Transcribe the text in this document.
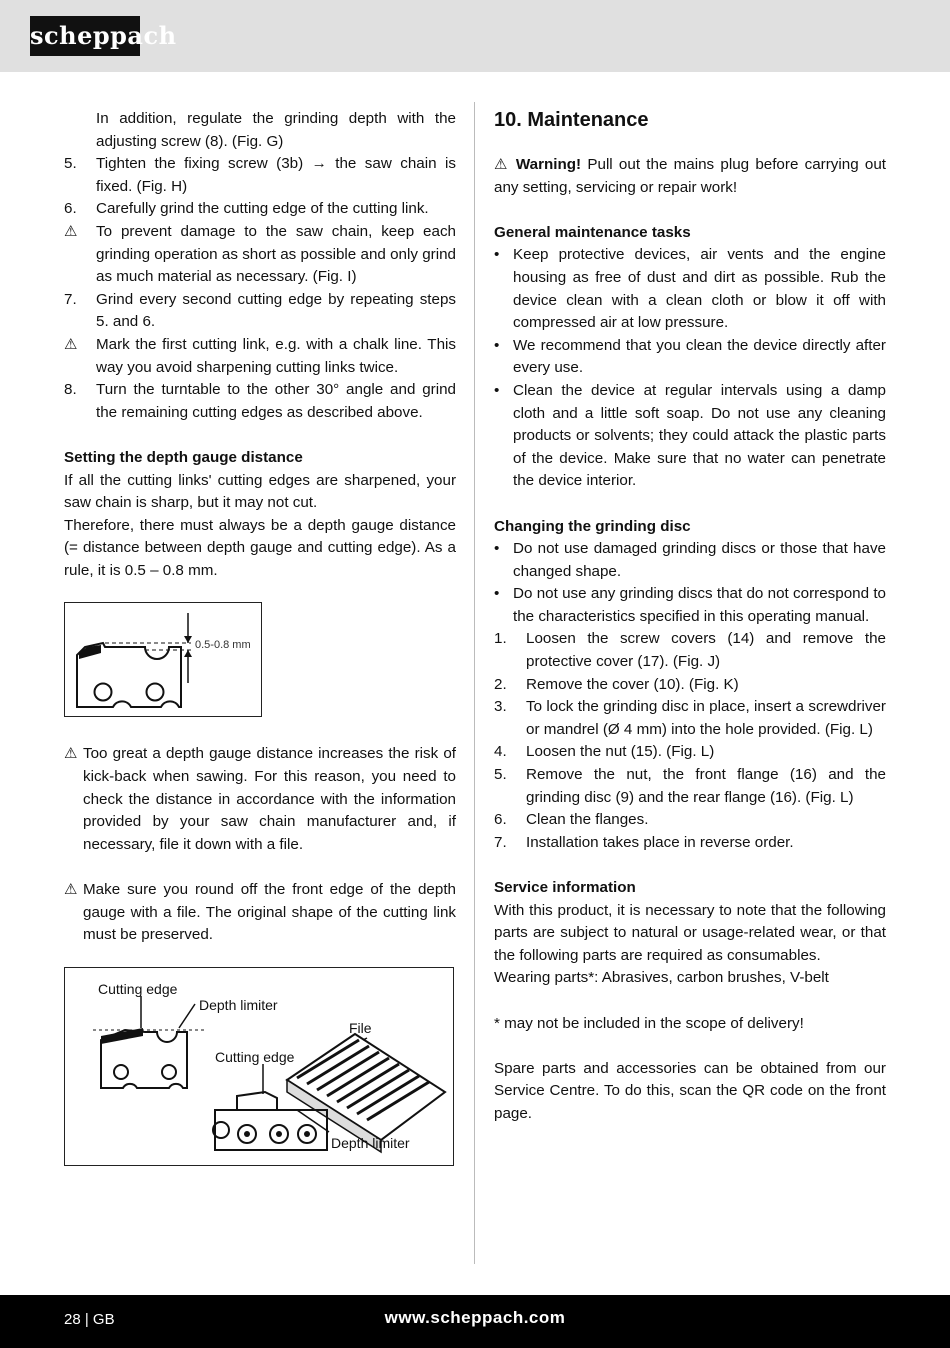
scheppach

In addition, regulate the grinding depth with the adjusting screw (8). (Fig. G)

5. Tighten the fixing screw (3b) → the saw chain is fixed. (Fig. H)
6. Carefully grind the cutting edge of the cutting link.
⚠ To prevent damage to the saw chain, keep each grinding operation as short as possible and only grind as much material as necessary. (Fig. I)
7. Grind every second cutting edge by repeating steps 5. and 6.
⚠ Mark the first cutting link, e.g. with a chalk line. This way you avoid sharpening cutting links twice.
8. Turn the turntable to the other 30° angle and grind the remaining cutting edges as described above.

Setting the depth gauge distance

If all the cutting links' cutting edges are sharpened, your saw chain is sharp, but it may not cut.

Therefore, there must always be a depth gauge distance (= distance between depth gauge and cutting edge). As a rule, it is 0.5 – 0.8 mm.

0.5-0.8 mm
⚠ Too great a depth gauge distance increases the risk of kick-back when sawing. For this reason, you need to check the distance in accordance with the information provided by your saw chain manufacturer and, if necessary, file it down with a file.
⚠ Make sure you round off the front edge of the depth gauge with a file. The original shape of the cutting link must be preserved.
Cutting edge
Depth limiter
File
Cutting edge
Depth limiter
10. Maintenance

⚠ Warning! Pull out the mains plug before carrying out any setting, servicing or repair work!

General maintenance tasks

• Keep protective devices, air vents and the engine housing as free of dust and dirt as possible. Rub the device clean with a clean cloth or blow it off with compressed air at low pressure.
• We recommend that you clean the device directly after every use.
• Clean the device at regular intervals using a damp cloth and a little soft soap. Do not use any cleaning products or solvents; they could attack the plastic parts of the device. Make sure that no water can penetrate the device interior.

Changing the grinding disc

• Do not use damaged grinding discs or those that have changed shape.
• Do not use any grinding discs that do not correspond to the characteristics specified in this operating manual.
1. Loosen the screw covers (14) and remove the protective cover (17). (Fig. J)
2. Remove the cover (10). (Fig. K)
3. To lock the grinding disc in place, insert a screwdriver or mandrel (Ø 4 mm) into the hole provided. (Fig. L)
4. Loosen the nut (15). (Fig. L)
5. Remove the nut, the front flange (16) and the grinding disc (9) and the rear flange (16). (Fig. L)
6. Clean the flanges.
7. Installation takes place in reverse order.

Service information

With this product, it is necessary to note that the following parts are subject to natural or usage-related wear, or that the following parts are required as consumables.

Wearing parts*: Abrasives, carbon brushes, V-belt

* may not be included in the scope of delivery!

Spare parts and accessories can be obtained from our Service Centre. To do this, scan the QR code on the front page.

28 | GB	www.scheppach.com
